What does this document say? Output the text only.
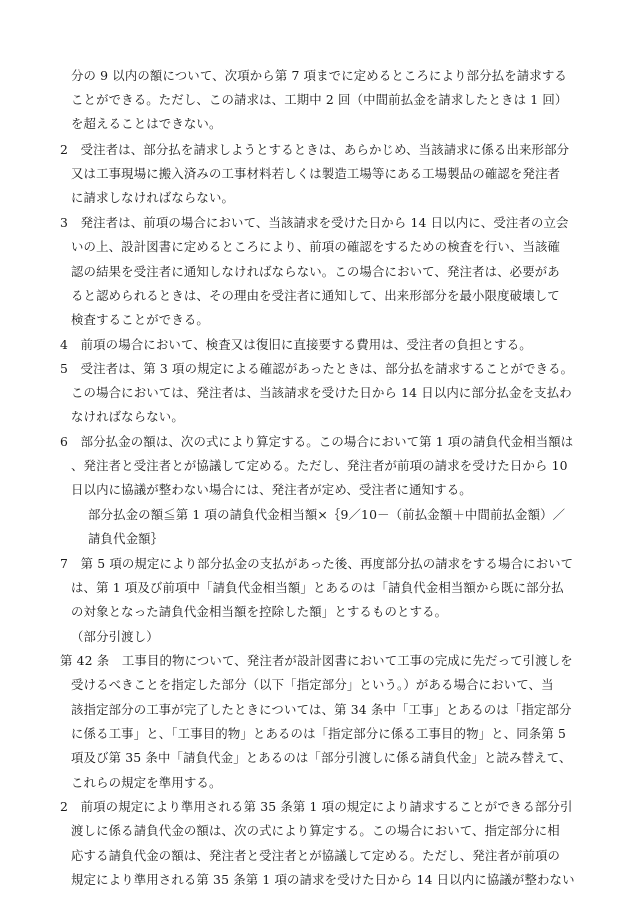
分の 9 以内の額について、次項から第 7 項までに定めるところにより部分払を請求する
ことができる。ただし、この請求は、工期中 2 回（中間前払金を請求したときは 1 回）
を超えることはできない。
2　受注者は、部分払を請求しようとするときは、あらかじめ、当該請求に係る出来形部分
又は工事現場に搬入済みの工事材料若しくは製造工場等にある工場製品の確認を発注者
に請求しなければならない。
3　発注者は、前項の場合において、当該請求を受けた日から 14 日以内に、受注者の立会
いの上、設計図書に定めるところにより、前項の確認をするための検査を行い、当該確
認の結果を受注者に通知しなければならない。この場合において、発注者は、必要があ
ると認められるときは、その理由を受注者に通知して、出来形部分を最小限度破壊して
検査することができる。
4　前項の場合において、検査又は復旧に直接要する費用は、受注者の負担とする。
5　受注者は、第 3 項の規定による確認があったときは、部分払を請求することができる。
この場合においては、発注者は、当該請求を受けた日から 14 日以内に部分払金を支払わ
なければならない。
6　部分払金の額は、次の式により算定する。この場合において第 1 項の請負代金相当額は
、発注者と受注者とが協議して定める。ただし、発注者が前項の請求を受けた日から 10
日以内に協議が整わない場合には、発注者が定め、受注者に通知する。
部分払金の額≦第 1 項の請負代金相当額×｛9／10－（前払金額＋中間前払金額）／
請負代金額｝
7　第 5 項の規定により部分払金の支払があった後、再度部分払の請求をする場合において
は、第 1 項及び前項中「請負代金相当額」とあるのは「請負代金相当額から既に部分払
の対象となった請負代金相当額を控除した額」とするものとする。
（部分引渡し）
第 42 条　工事目的物について、発注者が設計図書において工事の完成に先だって引渡しを
受けるべきことを指定した部分（以下「指定部分」という。）がある場合において、当
該指定部分の工事が完了したときについては、第 34 条中「工事」とあるのは「指定部分
に係る工事」と、「工事目的物」とあるのは「指定部分に係る工事目的物」と、同条第 5
項及び第 35 条中「請負代金」とあるのは「部分引渡しに係る請負代金」と読み替えて、
これらの規定を準用する。
2　前項の規定により準用される第 35 条第 1 項の規定により請求することができる部分引
渡しに係る請負代金の額は、次の式により算定する。この場合において、指定部分に相
応する請負代金の額は、発注者と受注者とが協議して定める。ただし、発注者が前項の
規定により準用される第 35 条第 1 項の請求を受けた日から 14 日以内に協議が整わない
